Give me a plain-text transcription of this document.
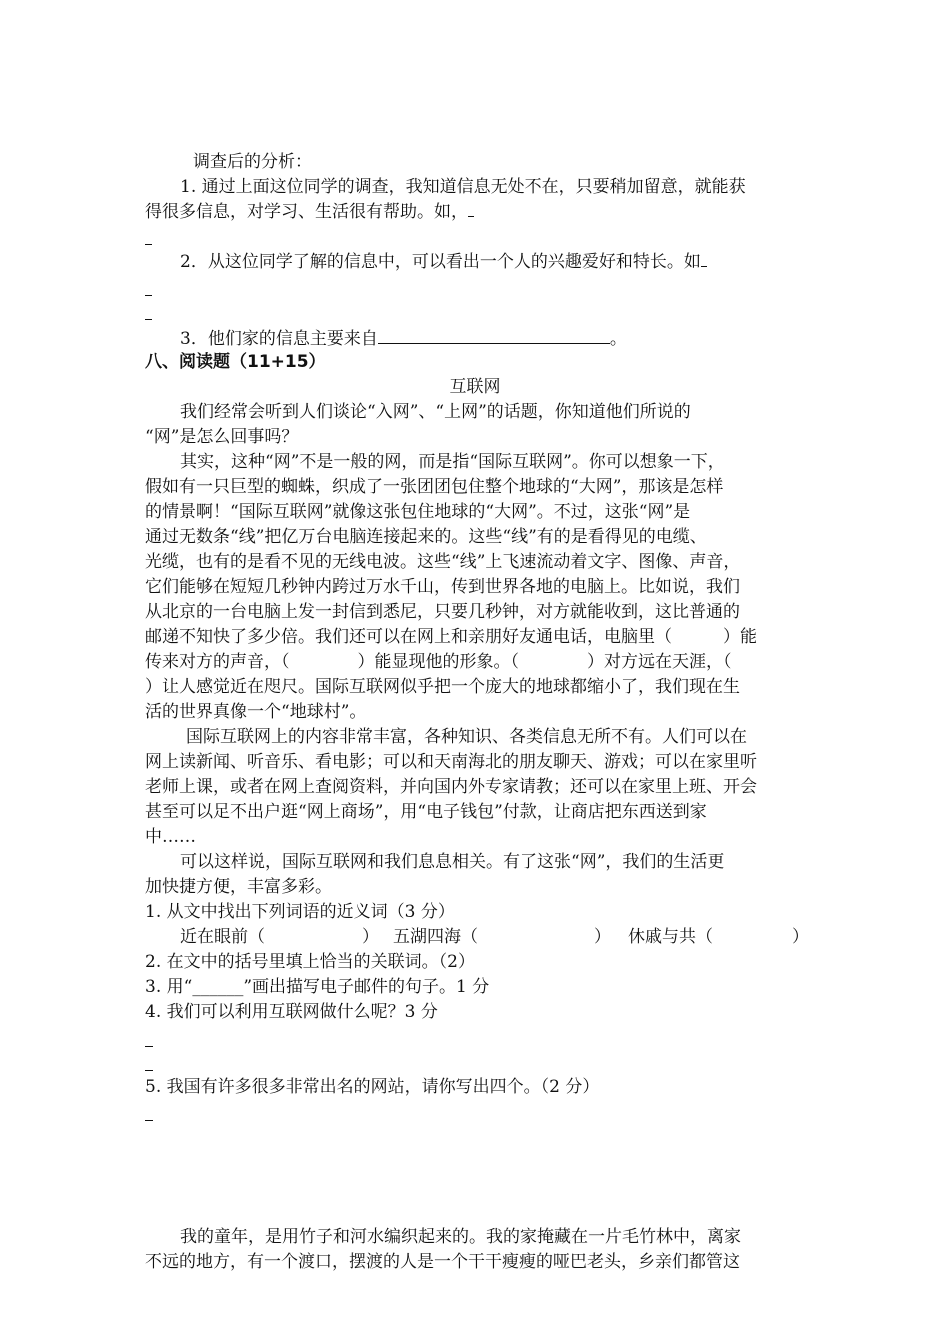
调查后的分析：
1. 通过上面这位同学的调查，我知道信息无处不在，只要稍加留意，就能获
得很多信息，对学习、生活很有帮助。如，
2．从这位同学了解的信息中，可以看出一个人的兴趣爱好和特长。如
3．他们家的信息主要来自	。
八、阅读题（11+15）
互联网
我们经常会听到人们谈论“入网”、“上网”的话题，你知道他们所说的
“网”是怎么回事吗？
其实，这种“网”不是一般的网，而是指“国际互联网”。你可以想象一下，
假如有一只巨型的蜘蛛，织成了一张团团包住整个地球的“大网”，那该是怎样
的情景啊！“国际互联网”就像这张包住地球的“大网”。不过，这张“网”是
通过无数条“线”把亿万台电脑连接起来的。这些“线”有的是看得见的电缆、
光缆，也有的是看不见的无线电波。这些“线”上飞速流动着文字、图像、声音，
它们能够在短短几秒钟内跨过万水千山，传到世界各地的电脑上。比如说，我们
从北京的一台电脑上发一封信到悉尼，只要几秒钟，对方就能收到，这比普通的
邮递不知快了多少倍。我们还可以在网上和亲朋好友通电话，电脑里（　　　）能
传来对方的声音，（　　　　）能显现他的形象。（　　　　）对方远在天涯，（
）让人感觉近在咫尺。国际互联网似乎把一个庞大的地球都缩小了，我们现在生
活的世界真像一个“地球村”。
国际互联网上的内容非常丰富，各种知识、各类信息无所不有。人们可以在
网上读新闻、听音乐、看电影；可以和天南海北的朋友聊天、游戏；可以在家里听
老师上课，或者在网上查阅资料，并向国内外专家请教；还可以在家里上班、开会
甚至可以足不出户逛“网上商场”，用“电子钱包”付款，让商店把东西送到家
中……
可以这样说，国际互联网和我们息息相关。有了这张“网”，我们的生活更
加快捷方便，丰富多彩。
1. 从文中找出下列词语的近义词（3 分）
近在眼前（	） 五湖四海（	） 休戚与共（	）
2. 在文中的括号里填上恰当的关联词。（2）
3. 用“______”画出描写电子邮件的句子。1 分
4. 我们可以利用互联网做什么呢？3 分
5. 我国有许多很多非常出名的网站，请你写出四个。（2 分）
我的童年，是用竹子和河水编织起来的。我的家掩藏在一片毛竹林中，离家
不远的地方，有一个渡口，摆渡的人是一个干干瘦瘦的哑巴老头，乡亲们都管这
